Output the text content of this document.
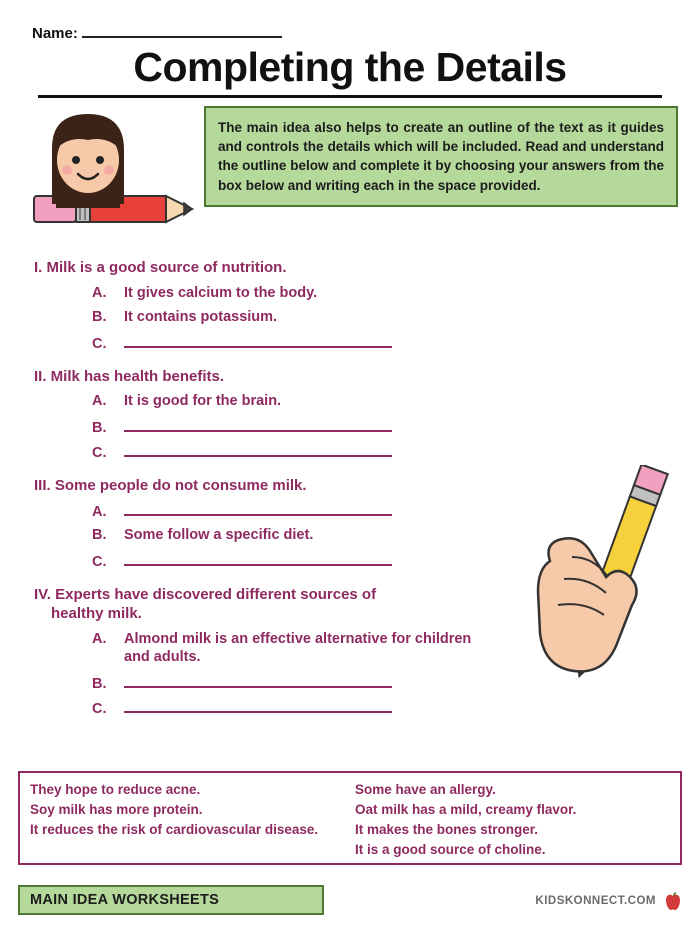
Name:
Completing the Details
The main idea also helps to create an outline of the text as it guides and controls the details which will be included. Read and understand the outline below and complete it by choosing your answers from the box below and writing each in the space provided.
I. Milk is a good source of nutrition.
A.	It gives calcium to the body.
B.	It contains potassium.
C.
II. Milk has health benefits.
A.	It is good for the brain.
B.
C.
III. Some people do not consume milk.
A.
B.	Some follow a specific diet.
C.
IV. Experts have discovered different sources of
healthy milk.
A.	Almond milk is an effective alternative for children and adults.
B.
C.
They hope to reduce acne.
Soy milk has more protein.
It reduces the risk of cardiovascular disease.
Some have an allergy.
Oat milk has a mild, creamy flavor.
It makes the bones stronger.
It is a good source of choline.
MAIN IDEA WORKSHEETS	KIDSKONNECT.COM
